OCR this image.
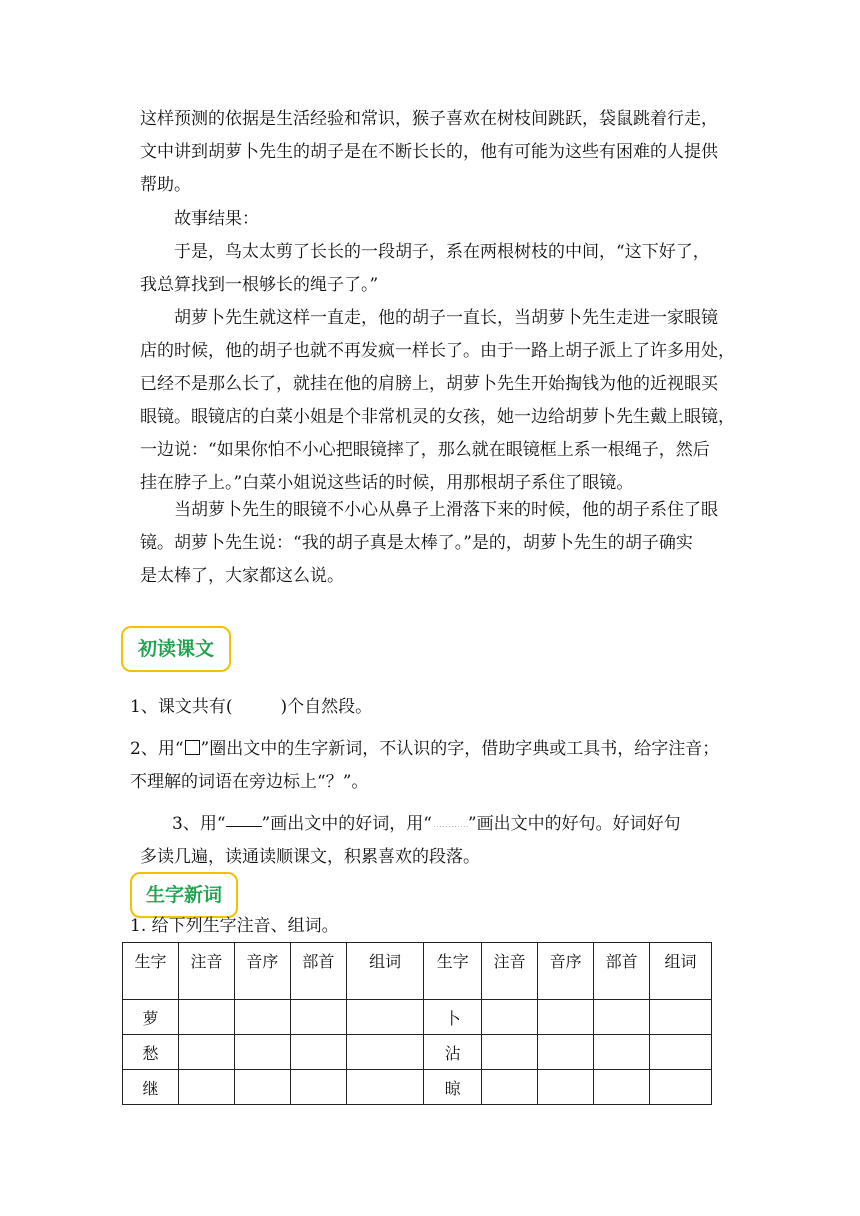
这样预测的依据是生活经验和常识，猴子喜欢在树枝间跳跃，袋鼠跳着行走，
文中讲到胡萝卜先生的胡子是在不断长长的，他有可能为这些有困难的人提供
帮助。
故事结果：
于是，鸟太太剪了长长的一段胡子，系在两根树枝的中间，“这下好了，
我总算找到一根够长的绳子了。”
胡萝卜先生就这样一直走，他的胡子一直长，当胡萝卜先生走进一家眼镜
店的时候，他的胡子也就不再发疯一样长了。由于一路上胡子派上了许多用处，
已经不是那么长了，就挂在他的肩膀上，胡萝卜先生开始掏钱为他的近视眼买
眼镜。眼镜店的白菜小姐是个非常机灵的女孩，她一边给胡萝卜先生戴上眼镜，
一边说：“如果你怕不小心把眼镜摔了，那么就在眼镜框上系一根绳子，然后
挂在脖子上。”白菜小姐说这些话的时候，用那根胡子系住了眼镜。
当胡萝卜先生的眼镜不小心从鼻子上滑落下来的时候，他的胡子系住了眼
镜。胡萝卜先生说：“我的胡子真是太棒了。”是的，胡萝卜先生的胡子确实
是太棒了，大家都这么说。
初读课文

1、课文共有(	)个自然段。

2、用“ ”圈出文中的生字新词，不认识的字，借助字典或工具书，给字注音；

不理解的词语在旁边标上“？”。

3、用“ ”画出文中的好词，用“ ”画出文中的好句。好词好句

多读几遍，读通读顺课文，积累喜欢的段落。

生字新词

1. 给下列生字注音、组词。

生字	注音	音序	部首	组词	生字	注音	音序	部首	组词
萝					卜				
愁					沾				
继					晾				
